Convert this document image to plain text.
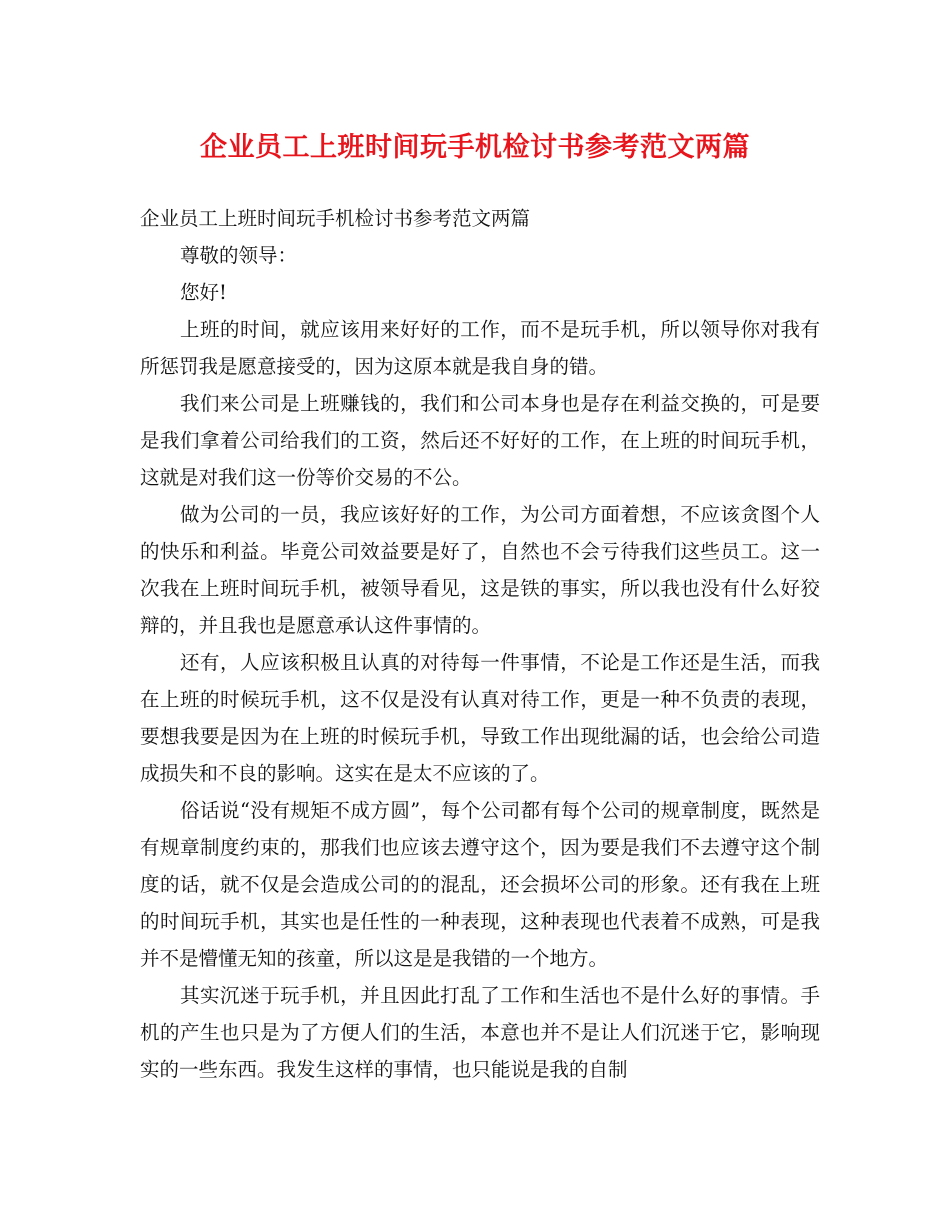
企业员工上班时间玩手机检讨书参考范文两篇

企业员工上班时间玩手机检讨书参考范文两篇

尊敬的领导：

您好!

上班的时间，就应该用来好好的工作，而不是玩手机，所以领导你对我有所惩罚我是愿意接受的，因为这原本就是我自身的错。

我们来公司是上班赚钱的，我们和公司本身也是存在利益交换的，可是要是我们拿着公司给我们的工资，然后还不好好的工作，在上班的时间玩手机，这就是对我们这一份等价交易的不公。

做为公司的一员，我应该好好的工作，为公司方面着想，不应该贪图个人的快乐和利益。毕竟公司效益要是好了，自然也不会亏待我们这些员工。这一次我在上班时间玩手机，被领导看见，这是铁的事实，所以我也没有什么好狡辩的，并且我也是愿意承认这件事情的。

还有，人应该积极且认真的对待每一件事情，不论是工作还是生活，而我在上班的时候玩手机，这不仅是没有认真对待工作，更是一种不负责的表现，要想我要是因为在上班的时候玩手机，导致工作出现纰漏的话，也会给公司造成损失和不良的影响。这实在是太不应该的了。

俗话说“没有规矩不成方圆”，每个公司都有每个公司的规章制度，既然是有规章制度约束的，那我们也应该去遵守这个，因为要是我们不去遵守这个制度的话，就不仅是会造成公司的的混乱，还会损坏公司的形象。还有我在上班的时间玩手机，其实也是任性的一种表现，这种表现也代表着不成熟，可是我并不是懵懂无知的孩童，所以这是是我错的一个地方。

其实沉迷于玩手机，并且因此打乱了工作和生活也不是什么好的事情。手机的产生也只是为了方便人们的生活，本意也并不是让人们沉迷于它，影响现实的一些东西。我发生这样的事情，也只能说是我的自制
